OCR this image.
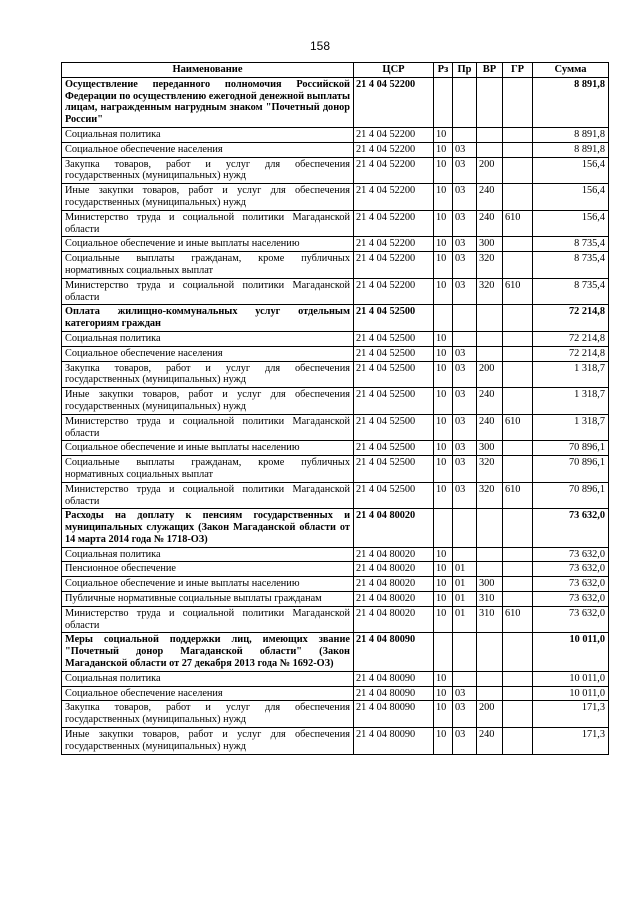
158
Наименование	ЦСР	Рз	Пр	ВР	ГР	Сумма
Осуществление переданного полномочия Российской Федерации по осуществлению ежегодной денежной выплаты лицам, награжденным нагрудным знаком "Почетный донор России"	21 4 04 52200					8 891,8
Социальная политика	21 4 04 52200	10				8 891,8
Социальное обеспечение населения	21 4 04 52200	10	03			8 891,8
Закупка товаров, работ и услуг для обеспечения государственных (муниципальных) нужд	21 4 04 52200	10	03	200		156,4
Иные закупки товаров, работ и услуг для обеспечения государственных (муниципальных) нужд	21 4 04 52200	10	03	240		156,4
Министерство труда и социальной политики Магаданской области	21 4 04 52200	10	03	240	610	156,4
Социальное обеспечение и иные выплаты населению	21 4 04 52200	10	03	300		8 735,4
Социальные выплаты гражданам, кроме публичных нормативных социальных выплат	21 4 04 52200	10	03	320		8 735,4
Министерство труда и социальной политики Магаданской области	21 4 04 52200	10	03	320	610	8 735,4
Оплата жилищно-коммунальных услуг отдельным категориям граждан	21 4 04 52500					72 214,8
Социальная политика	21 4 04 52500	10				72 214,8
Социальное обеспечение населения	21 4 04 52500	10	03			72 214,8
Закупка товаров, работ и услуг для обеспечения государственных (муниципальных) нужд	21 4 04 52500	10	03	200		1 318,7
Иные закупки товаров, работ и услуг для обеспечения государственных (муниципальных) нужд	21 4 04 52500	10	03	240		1 318,7
Министерство труда и социальной политики Магаданской области	21 4 04 52500	10	03	240	610	1 318,7
Социальное обеспечение и иные выплаты населению	21 4 04 52500	10	03	300		70 896,1
Социальные выплаты гражданам, кроме публичных нормативных социальных выплат	21 4 04 52500	10	03	320		70 896,1
Министерство труда и социальной политики Магаданской области	21 4 04 52500	10	03	320	610	70 896,1
Расходы на доплату к пенсиям государственных и муниципальных служащих (Закон Магаданской области от 14 марта 2014 года № 1718-ОЗ)	21 4 04 80020					73 632,0
Социальная политика	21 4 04 80020	10				73 632,0
Пенсионное обеспечение	21 4 04 80020	10	01			73 632,0
Социальное обеспечение и иные выплаты населению	21 4 04 80020	10	01	300		73 632,0
Публичные нормативные социальные выплаты гражданам	21 4 04 80020	10	01	310		73 632,0
Министерство труда и социальной политики Магаданской области	21 4 04 80020	10	01	310	610	73 632,0
Меры социальной поддержки лиц, имеющих звание "Почетный донор Магаданской области" (Закон Магаданской области от 27 декабря 2013 года № 1692-ОЗ)	21 4 04 80090					10 011,0
Социальная политика	21 4 04 80090	10				10 011,0
Социальное обеспечение населения	21 4 04 80090	10	03			10 011,0
Закупка товаров, работ и услуг для обеспечения государственных (муниципальных) нужд	21 4 04 80090	10	03	200		171,3
Иные закупки товаров, работ и услуг для обеспечения государственных (муниципальных) нужд	21 4 04 80090	10	03	240		171,3
